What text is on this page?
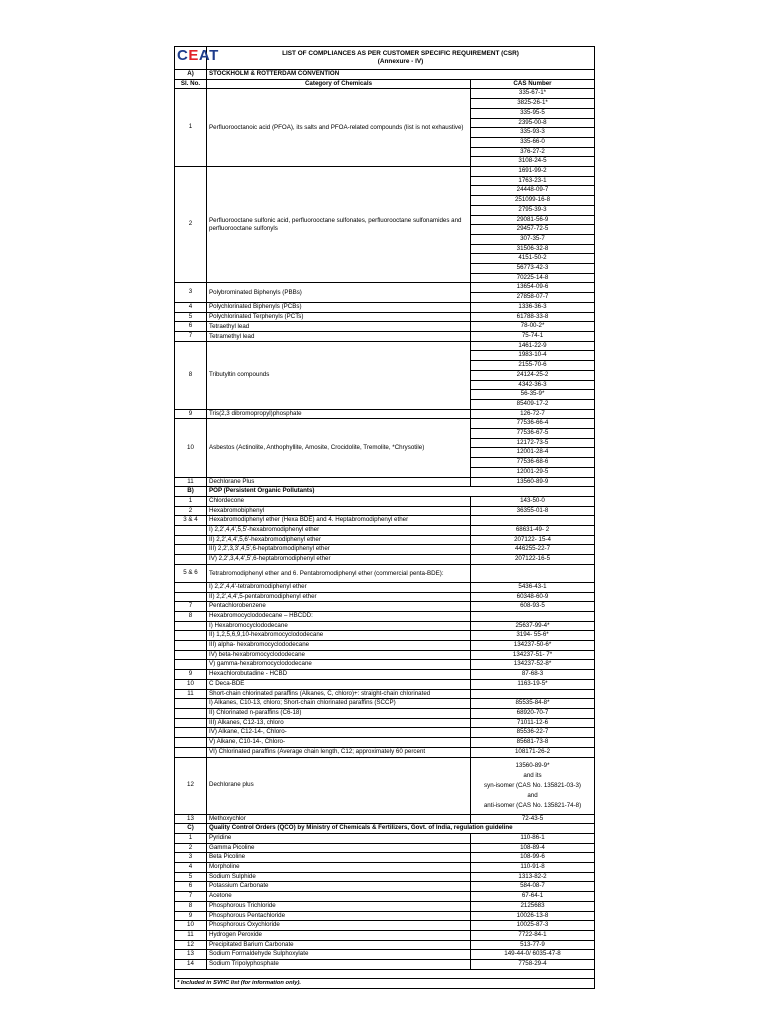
CEAT	LIST OF COMPLIANCES AS PER CUSTOMER SPECIFIC REQUIREMENT (CSR)
(Annexure - IV)	

A)	STOCKHOLM & ROTTERDAM CONVENTION	
Sl. No.	Category of Chemicals	CAS Number
1	Perfluorooctanoic acid (PFOA), its salts and PFOA-related compounds (list is not exhaustive)	335-67-1*
		3825-26-1*
		335-95-5
		2395-00-8
		335-93-3
		335-66-0
		376-27-2
		3108-24-5
2	Perfluorooctane sulfonic acid, perfluorooctane sulfonates, perfluorooctane sulfonamides and perfluorooctane sulfonyls	1691-99-2
		1763-23-1
		24448-09-7
		251099-16-8
		2795-39-3
		29081-56-9
		29457-72-5
		307-35-7
		31506-32-8
		4151-50-2
		56773-42-3
		70225-14-8
3	Polybrominated Biphenyls (PBBs)	13654-09-6
		27858-07-7
4	Polychlorinated Biphenyls (PCBs)	1336-36-3
5	Polychlorinated Terphenyls (PCTs)	61788-33-8
6	Tetraethyl lead	78-00-2*
7	Tetramethyl lead	75-74-1
8	Tributyltin compounds	1461-22-9
		1983-10-4
		2155-70-6
		24124-25-2
		4342-36-3
		56-35-9*
		85409-17-2
9	Tris(2,3 dibromopropyl)phosphate	126-72-7
10	Asbestos (Actinolite, Anthophyllite, Amosite, Crocidolite, Tremolite, *Chrysotile)	77536-66-4
		77536-67-5
		12172-73-5
		12001-28-4
		77536-68-6
		12001-29-5
11	Dechlorane Plus	13560-89-9
B)	POP (Persistent Organic Pollutants)	
1	Chlordecone	143-50-0
2	Hexabromobiphenyl	36355-01-8
3 & 4	Hexabromodiphenyl ether (Hexa BDE) and 4. Heptabromodiphenyl ether	
	I) 2,2',4,4',5,5'-hexabromodiphenyl ether	68631-49- 2
	II) 2,2',4,4',5,6'-hexabromodiphenyl ether	207122- 15-4
	III) 2,2',3,3',4,5',6-heptabromodiphenyl ether	446255-22-7
	IV) 2,2',3,4,4',5',6-heptabromodiphenyl ether	207122-16-5
5 & 6	Tetrabromodiphenyl ether and 6. Pentabromodiphenyl ether (commercial penta-BDE):	
	I) 2,2',4,4'-tetrabromodiphenyl ether	5436-43-1
	II) 2,2',4,4',5-pentabromodiphenyl ether	60348-60-9
7	Pentachlorobenzene	608-93-5
8	Hexabromocyclododecane – HBCDD:	
	I) Hexabromocyclododecane	25637-99-4*
	II) 1,2,5,6,9,10-hexabromocyclododecane	3194- 55-6*
	III) alpha- hexabromocyclododecane	134237-50-6*
	IV) beta-hexabromocyclododecane	134237-51- 7*
	V) gamma-hexabromocyclododecane	134237-52-8*
9	Hexachlorobutadine - HCBD	87-68-3
10	C Deca-BDE	1163-19-5*
11	Short-chain chlorinated paraffins (Alkanes, C, chloro)+: straight-chain chlorinated	
	I) Alkanes, C10-13, chloro; Short-chain chlorinated paraffins (SCCP)	85535-84-8*
	II) Chlorinated n-paraffins (C6-18)	68920-70-7
	III) Alkanes, C12-13, chloro	71011-12-6
	IV) Alkane, C12-14-, Chloro-	85536-22-7
	V) Alkane, C10-14-, Chloro-	85681-73-8
	VI) Chlorinated paraffins (Average chain length, C12; approximately 60 percent	108171-26-2
12	Dechlorane plus	13560-89-9*
and its
syn-isomer (CAS No. 135821-03-3)
and
anti-isomer (CAS No. 135821-74-8)

13	Methoxychlor	72-43-5
C)	Quality Control Orders (QCO) by Ministry of Chemicals & Fertilizers, Govt. of India, regulation guideline	
1	Pyridine	110-86-1
2	Gamma Picoline	108-89-4
3	Beta Picoline	108-99-6
4	Morpholine	110-91-8
5	Sodium Sulphide	1313-82-2
6	Potassium Carbonate	584-08-7
7	Acetone	67-64-1
8	Phosphorous Trichloride	2125683
9	Phosphorous Pentachloride	10026-13-8
10	Phosphorous Oxychloride	10025-87-3
11	Hydrogen Peroxide	7722-84-1
12	Precipitated Barium Carbonate	513-77-9
13	Sodium Formaldehyde Sulphoxylate	149-44-0/ 6035-47-8
14	Sodium Tripolyphosphate	7758-29-4

* Included in SVHC list (for information only).		
